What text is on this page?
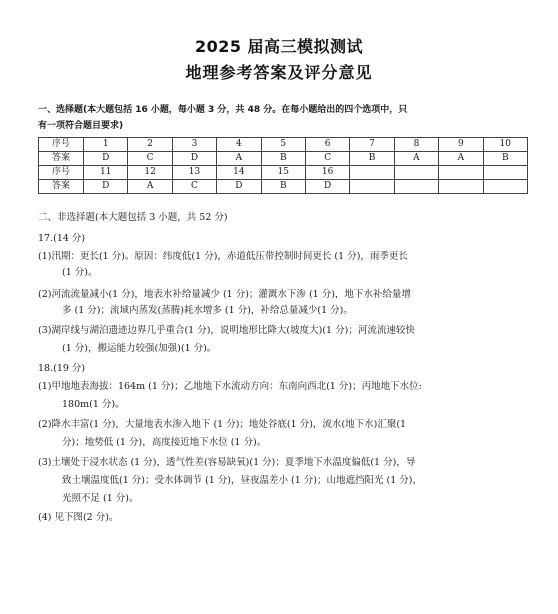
2025 届高三模拟测试
地理参考答案及评分意见
一、选择题(本大题包括 16 小题，每小题 3 分，共 48 分。在每小题给出的四个选项中，只
有一项符合题目要求)
序号	1	2	3	4	5	6	7	8	9	10
答案	D	C	D	A	B	C	B	A	A	B
序号	11	12	13	14	15	16				
答案	D	A	C	D	B	D				
二、非选择题(本大题包括 3 小题，共 52 分)
17.(14 分)
(1)汛期：更长(1 分)。原因：纬度低(1 分)，赤道低压带控制时间更长 (1 分)，雨季更长
(1 分)。
(2)河流流量减小(1 分)，地表水补给量减少 (1 分)；灌溉水下渗 (1 分)，地下水补给量增
多 (1 分)；流域内蒸发(蒸腾)耗水增多 (1 分)，补给总量减少(1 分)。
(3)湖岸线与湖泊遗迹边界几乎重合(1 分)，说明地形比降大(坡度大)(1 分)；河流流速较快
(1 分)，搬运能力较强(加强)(1 分)。
18.(19 分)
(1)甲地地表海拔：164m (1 分)；乙地地下水流动方向：东南向西北(1 分)；丙地地下水位:
180m(1 分)。
(2)降水丰富(1 分)，大量地表水渗入地下 (1 分)；地处谷底(1 分)，流水(地下水)汇聚(1
分)；地势低 (1 分)，高度接近地下水位 (1 分)。
(3)土壤处于浸水状态 (1 分)，透气性差(容易缺氧)(1 分)；夏季地下水温度偏低(1 分)，导
致土壤温度低(1 分)；受水体调节 (1 分)，昼夜温差小 (1 分)；山地遮挡阳光 (1 分)，
光照不足 (1 分)。
(4) 见下图(2 分)。
